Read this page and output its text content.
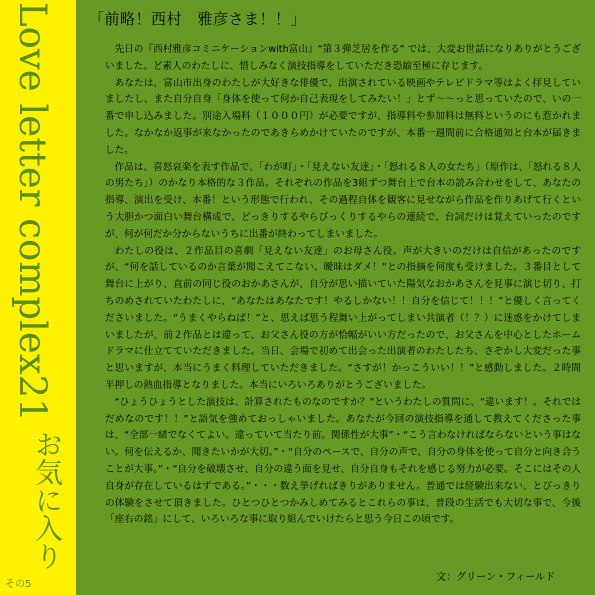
Love letter complex21
お気に入り
その5
「前略！西村　雅彦さま！！」

先日の『西村雅彦コミニケーションwith富山』“第３弾芝居を作る” では、大変お世話になりありがとうございました。ど素人のわたしに、惜しみなく演技指導をしていただき恐縮至極に存じます。

あなたは、富山市出身のわたしが大好きな俳優で、出演されている映画やテレビドラマ等はよく拝見していましたし、また自分自身「身体を使って何か自己表現をしてみたい！」とず～～っと思っていたので、いの一番で申し込みました。別途入場料（１０００円）が必要ですが、指導料や参加料は無料というのにも惹かれました。なかなか返事が来なかったのであきらめかけていたのですが、本番一週間前に合格通知と台本が届きました。

作品は、喜怒哀楽を表す作品で、「わが町」・「見えない友達」・「怒れる８人の女たち」（原作は、「怒れる８人の男たち」）のかなり本格的な３作品。それぞれの作品を3組ずつ舞台上で台本の読み合わせをして、あなたの指導、演出を受け、本番！という形態で行われ、その過程自体を観客に見せながら作品を作りあげて行くという大胆かつ面白い舞台構成で、どっきりするやらびっくりするやらの連続で、台詞だけは覚えていったのですが、何が何だか分からないうちに出番が終わってしまいました。

わたしの役は、２作品目の喜劇「見えない友達」のお母さん役。声が大きいのだけは自信があったのですが、“何を話しているのか言葉が聞こえてこない。曖昧はダメ！”との指摘を何度も受けました。３番目として舞台に上がり、直前の同じ役のおかあさんが、自分が思い描いていた陽気なおかあさんを見事に演じ切り、打ちのめされていたわたしに、“あなたはあなたです！やるしかない！！自分を信じて！！！”と優しく言ってくださいました。“うまくやらねば！”と、思えば思う程舞い上がってしまい共演者（！？）に迷惑をかけてしまいましたが、前２作品とは違って、お父さん役の方が恰幅がいい方だったので、お父さんを中心としたホームドラマに仕立てていただきました。当日、会場で初めて出会った出演者のわたしたち、さぞかし大変だった事と思いますが、本当にうまく料理していただきました。“さすが！かっこういい！！”と感動しました。２時間半押しの熱血指導となりました。本当にいろいろありがとうございました。

“ひょうひょうとした演技は、計算されたものなのですか？”というわたしの質問に、“違います！。それではだめなのです！！”と語気を強めておっしゃいました。あなたが今回の演技指導を通して教えてくださった事は、“全部一緒でなくてよい。違っていて当たり前。関係性が大事”・“こう言わなければならないという事はない。何を伝えるか、聞きたいかが大切。”・“自分のペースで、自分の声で、自分の身体を使って自分と向き合うことが大事。”・“自分を破壊させ、自分の違う面を見せ、自分自身もそれを感じる努力が必要。そこにはその人自身が存在しているはずである。”・・・数え挙げればきりがありません。普通では経験出来ない、とびっきりの体験をさせて頂きました。ひとつひとつかみしめてみるとこれらの事は、普段の生活でも大切な事で、今後「座右の銘」にして、いろいろな事に取り組んでいけたらと思う今日この頃です。

文：グリーン・フィールド
